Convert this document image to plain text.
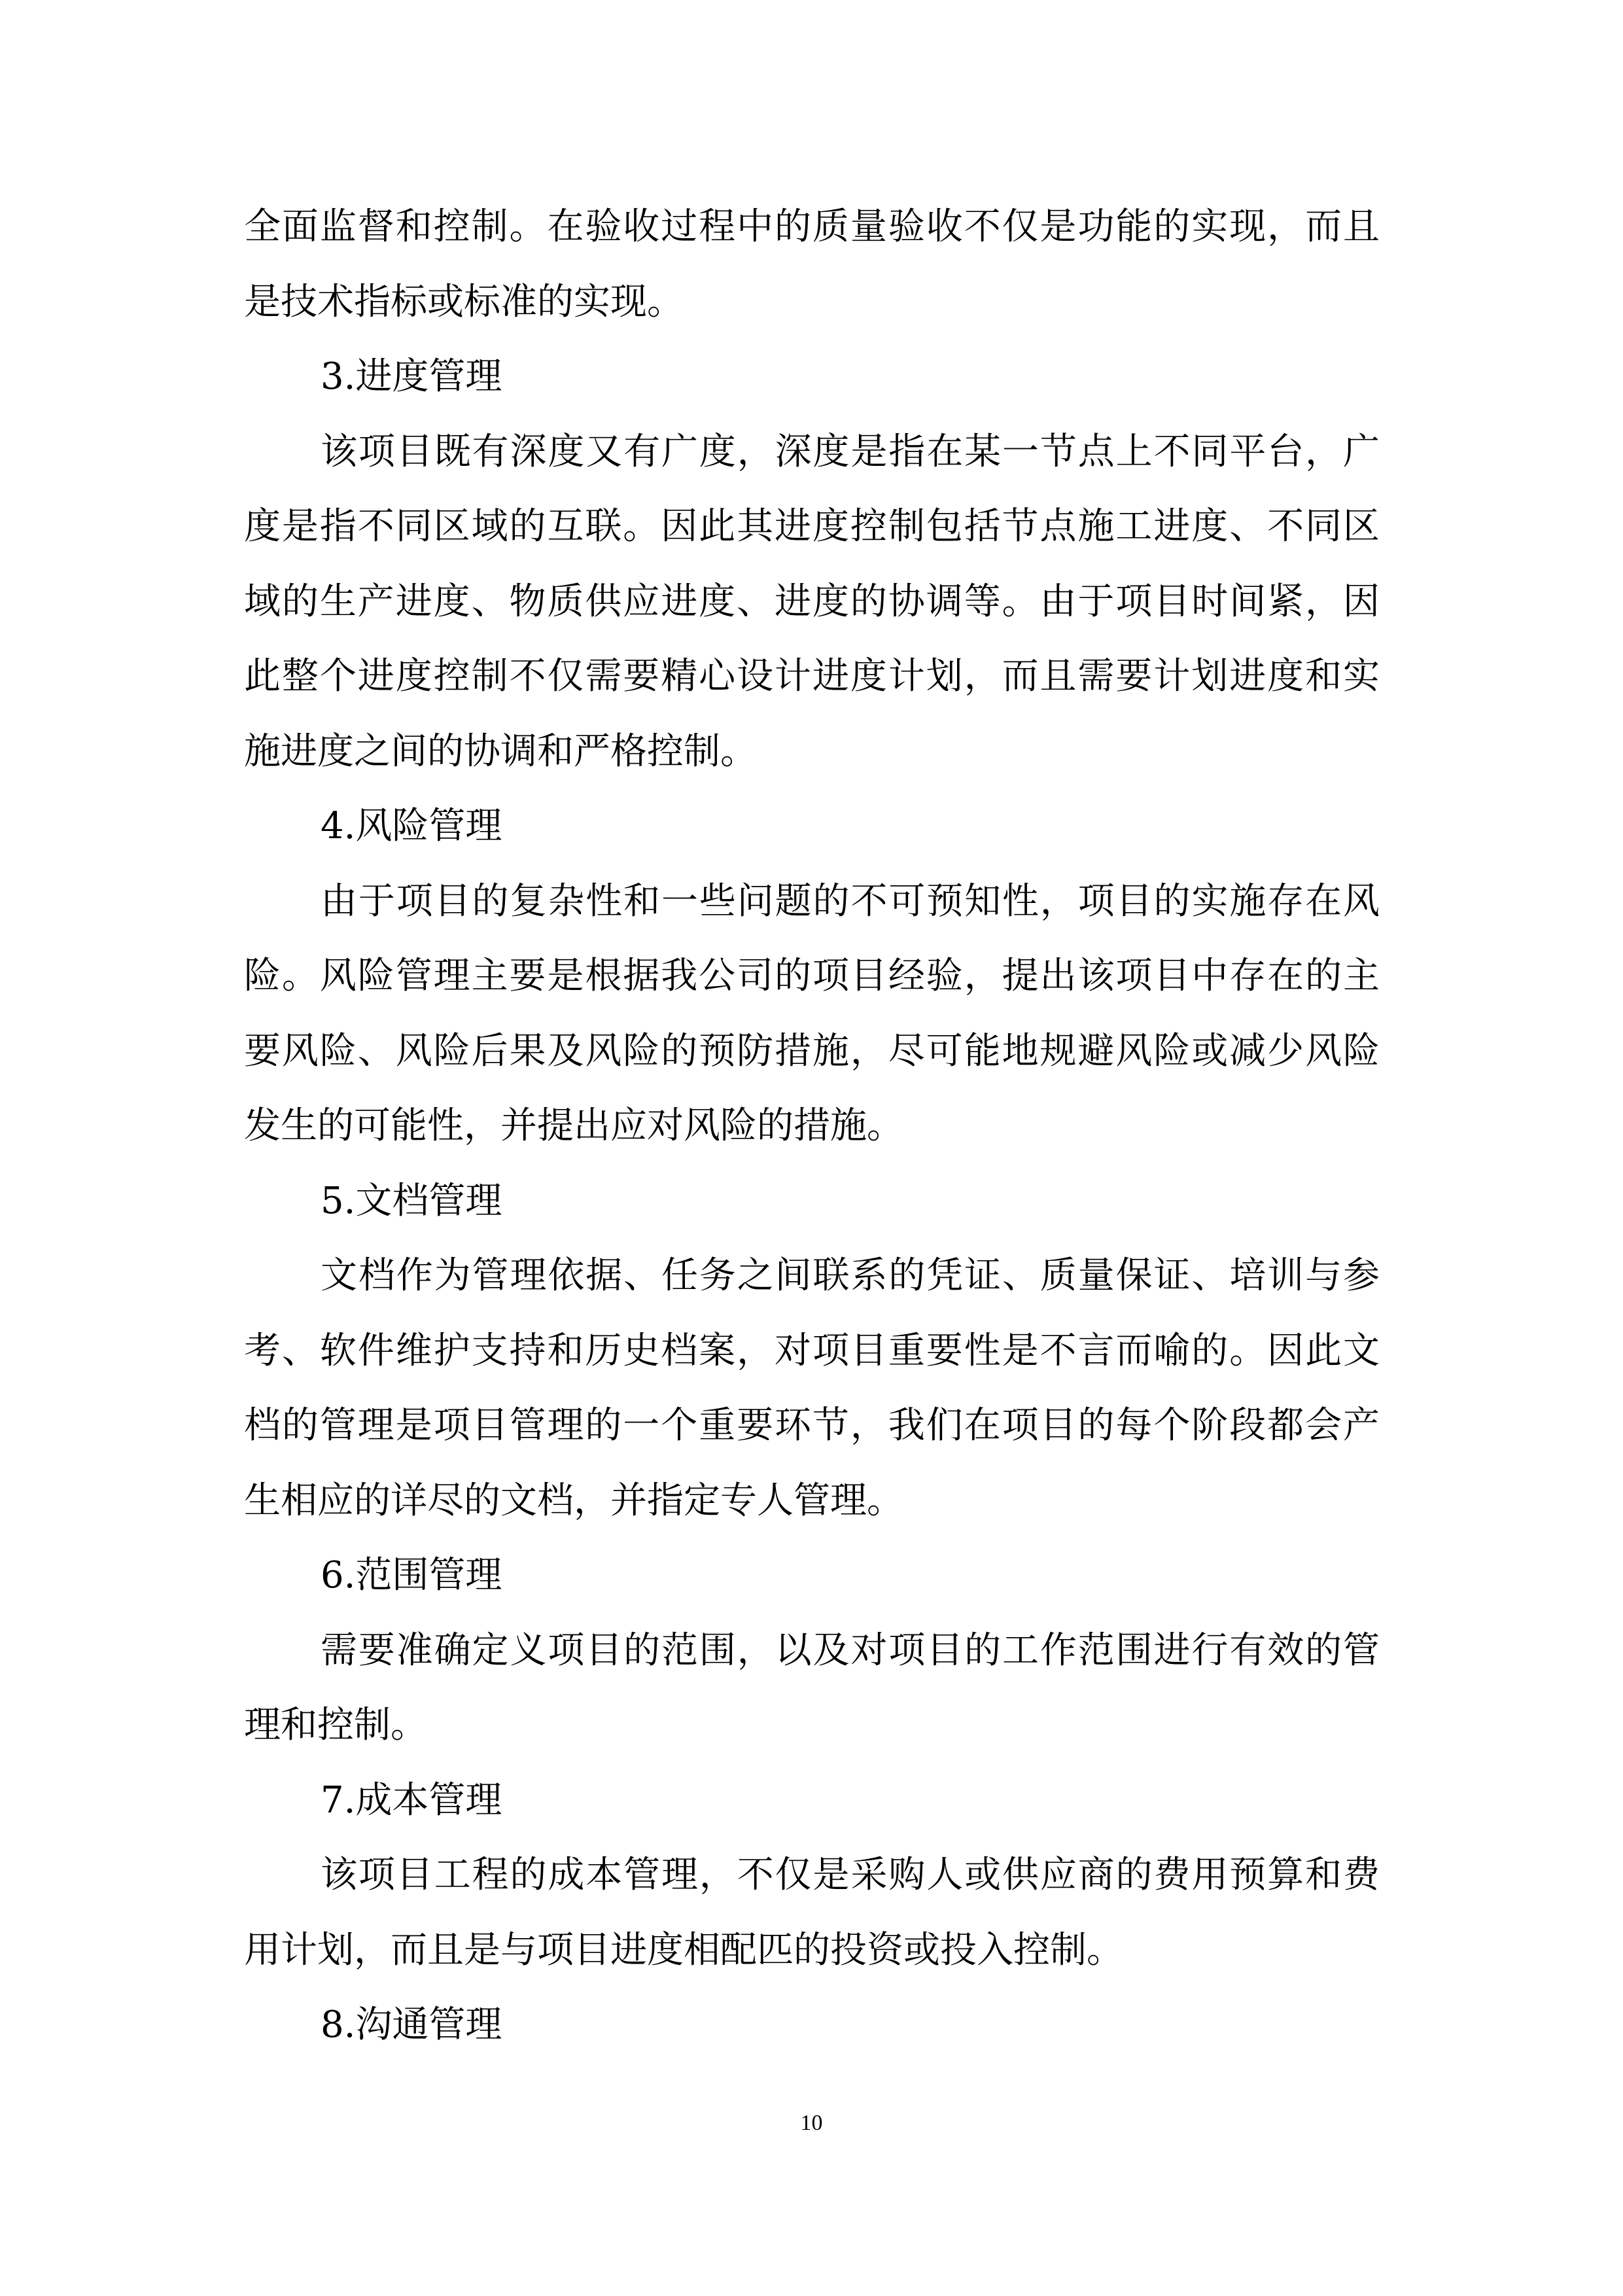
全面监督和控制。在验收过程中的质量验收不仅是功能的实现，而且
是技术指标或标准的实现。
3.进度管理
该项目既有深度又有广度，深度是指在某一节点上不同平台，广
度是指不同区域的互联。因此其进度控制包括节点施工进度、不同区
域的生产进度、物质供应进度、进度的协调等。由于项目时间紧，因
此整个进度控制不仅需要精心设计进度计划，而且需要计划进度和实
施进度之间的协调和严格控制。
4.风险管理
由于项目的复杂性和一些问题的不可预知性，项目的实施存在风
险。风险管理主要是根据我公司的项目经验，提出该项目中存在的主
要风险、风险后果及风险的预防措施，尽可能地规避风险或减少风险
发生的可能性，并提出应对风险的措施。
5.文档管理
文档作为管理依据、任务之间联系的凭证、质量保证、培训与参
考、软件维护支持和历史档案，对项目重要性是不言而喻的。因此文
档的管理是项目管理的一个重要环节，我们在项目的每个阶段都会产
生相应的详尽的文档，并指定专人管理。
6.范围管理
需要准确定义项目的范围，以及对项目的工作范围进行有效的管
理和控制。
7.成本管理
该项目工程的成本管理，不仅是采购人或供应商的费用预算和费
用计划，而且是与项目进度相配匹的投资或投入控制。
8.沟通管理
10
